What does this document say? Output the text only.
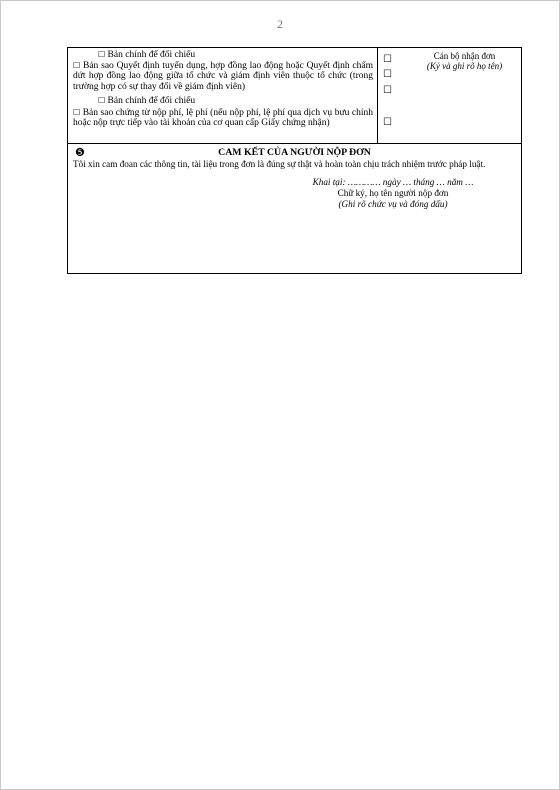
2
☐ Bản chính để đối chiếu
☐ Bản sao Quyết định tuyển dụng, hợp đồng lao động hoặc Quyết định chấm dứt hợp đồng lao động giữa tổ chức và giám định viên thuộc tổ chức (trong trường hợp có sự thay đổi về giám định viên)
☐ Bản chính để đối chiếu
☐ Bản sao chứng từ nộp phí, lệ phí (nếu nộp phí, lệ phí qua dịch vụ bưu chính hoặc nộp trực tiếp vào tài khoản của cơ quan cấp Giấy chứng nhận)
☐
☐
☐
☐
Cán bộ nhận đơn
(Ký và ghi rõ họ tên)
❺	CAM KẾT CỦA NGƯỜI NỘP ĐƠN
Tôi xin cam đoan các thông tin, tài liệu trong đơn là đúng sự thật và hoàn toàn chịu trách nhiệm trước pháp luật.
Khai tại: ………… ngày … tháng … năm …
Chữ ký, họ tên người nộp đơn
(Ghi rõ chức vụ và đóng dấu)
